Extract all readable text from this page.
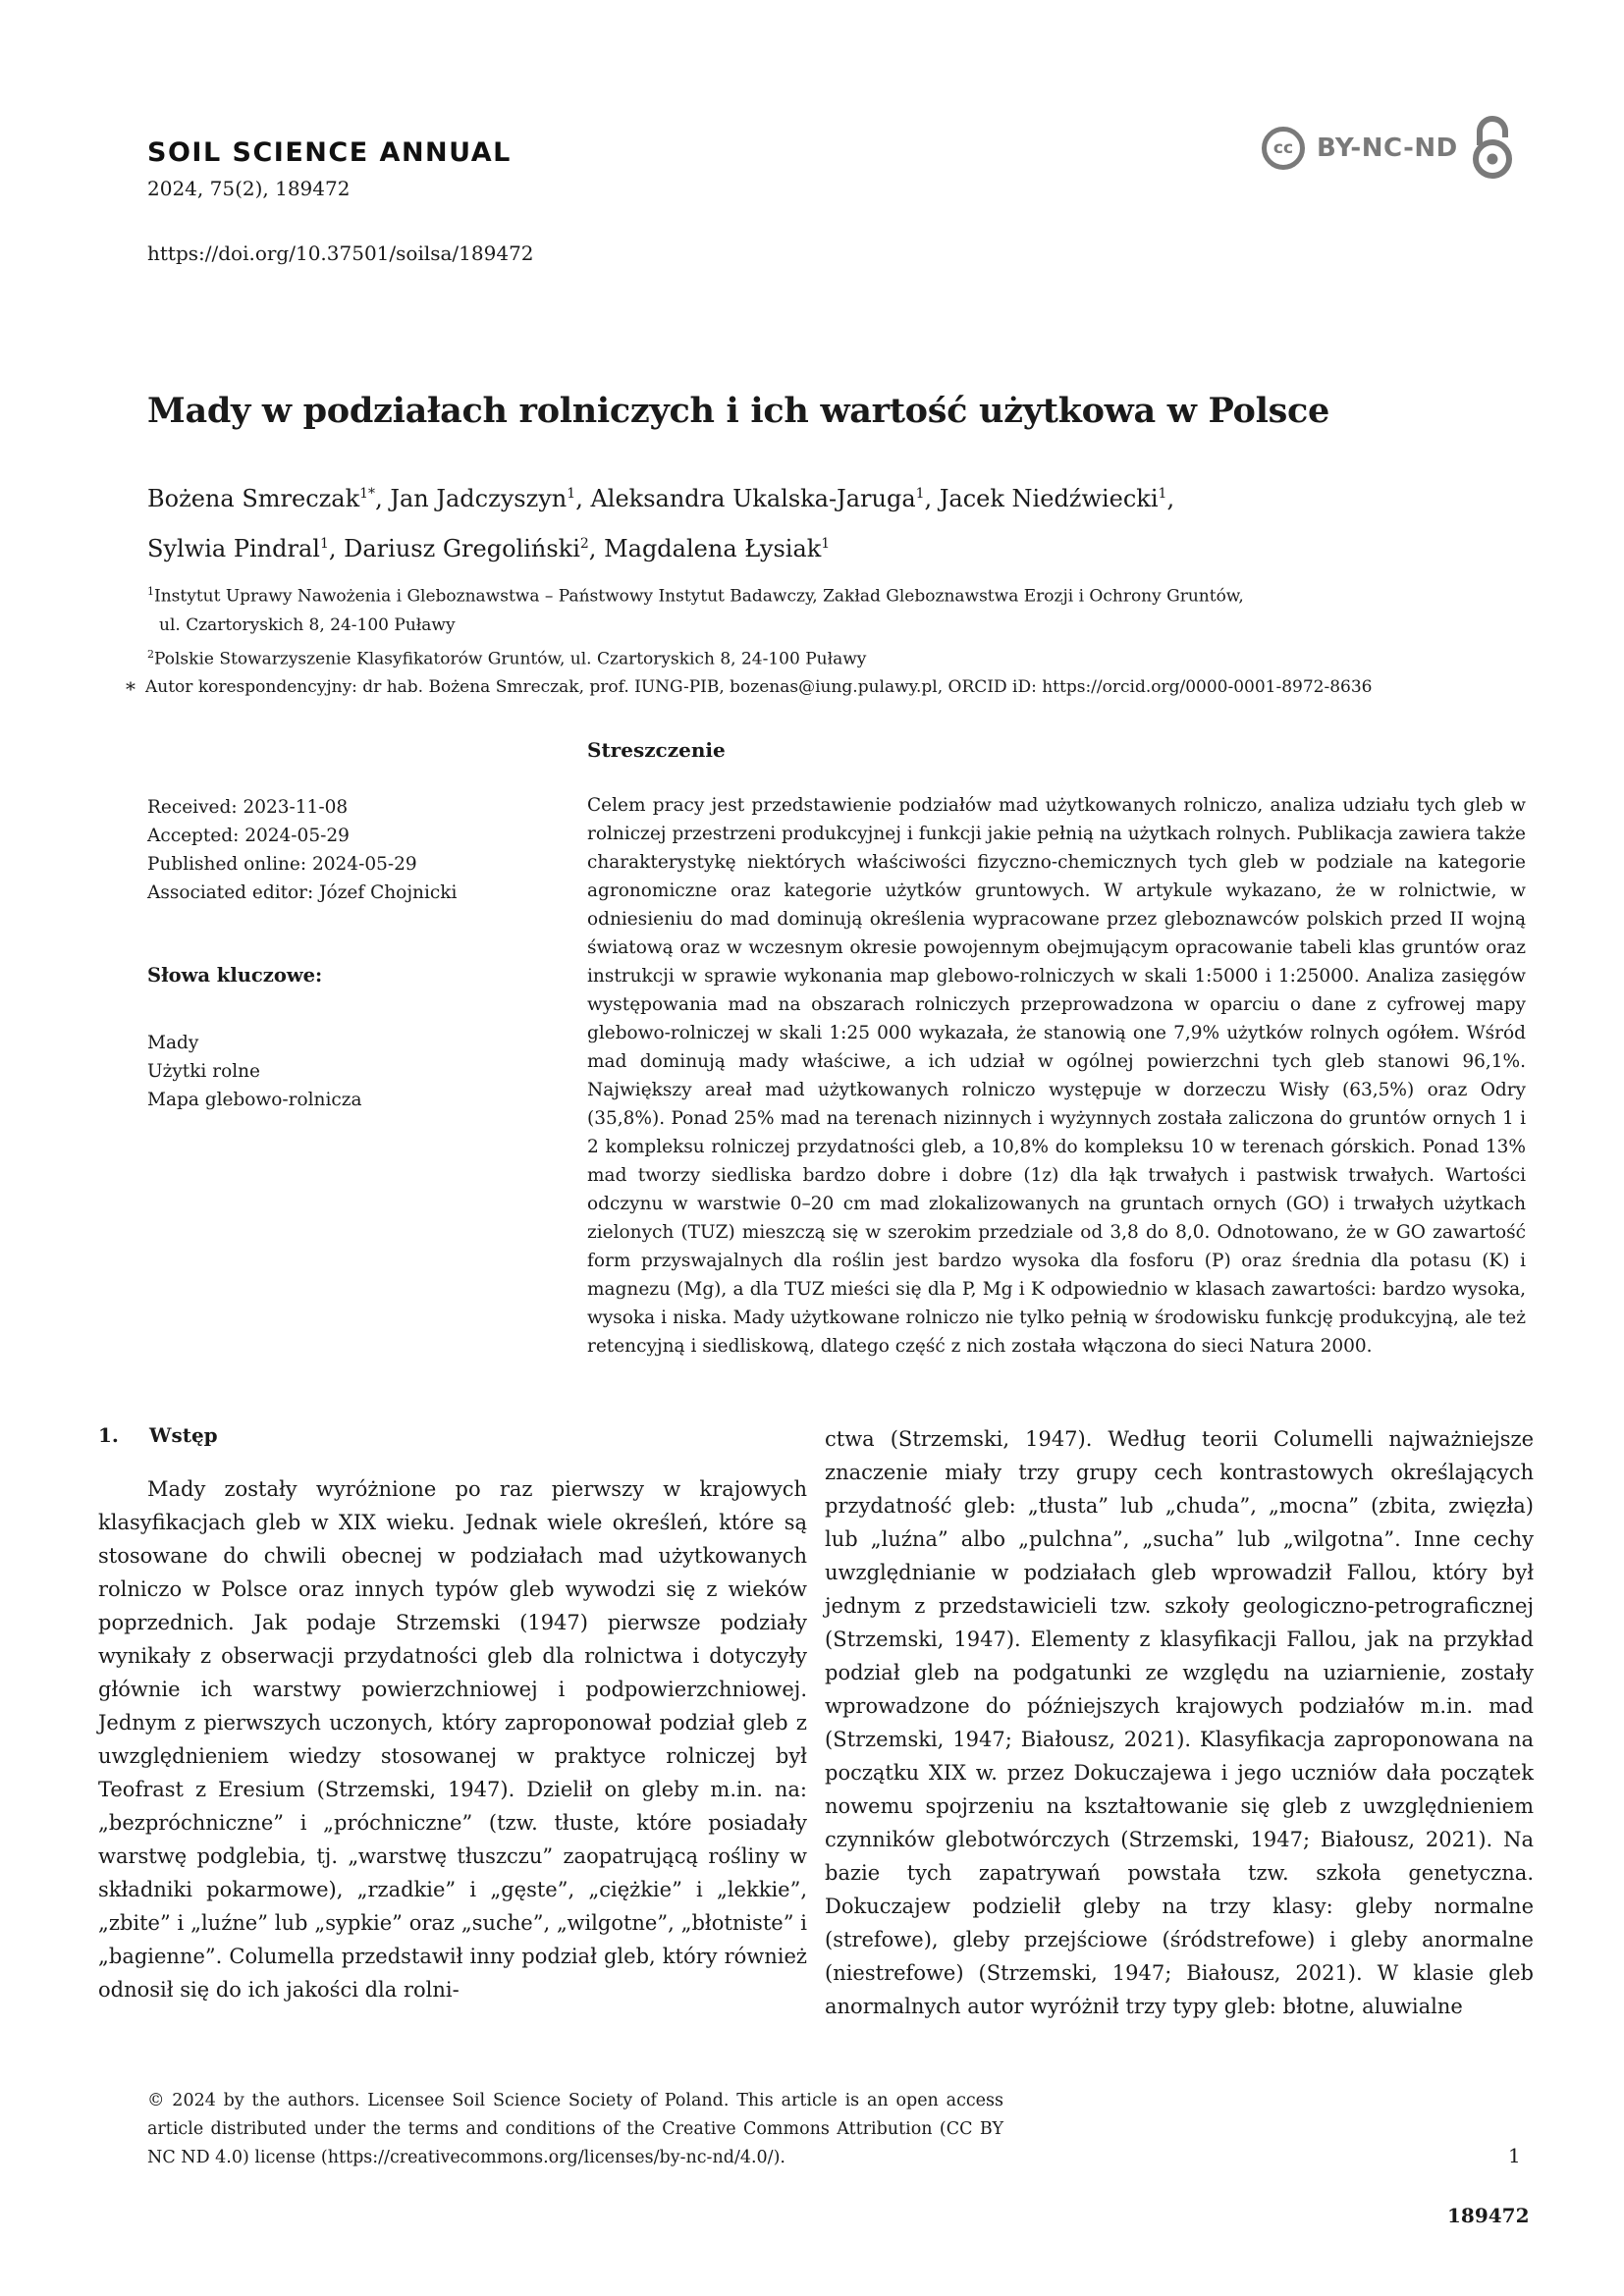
SOIL SCIENCE ANNUAL
2024, 75(2), 189472
https://doi.org/10.37501/soilsa/189472
cc BY-NC-ND
Mady w podziałach rolniczych i ich wartość użytkowa w Polsce
Bożena Smreczak$^{1*}$, Jan Jadczyszyn$^1$, Aleksandra Ukalska-Jaruga$^1$, Jacek Niedźwiecki$^1$,
Sylwia Pindral$^1$, Dariusz Gregoliński$^2$, Magdalena Łysiak$^1$
$^1$Instytut Uprawy Nawożenia i Gleboznawstwa – Państwowy Instytut Badawczy, Zakład Gleboznawstwa Erozji i Ochrony Gruntów,
ul. Czartoryskich 8, 24-100 Puławy
$^2$Polskie Stowarzyszenie Klasyfikatorów Gruntów, ul. Czartoryskich 8, 24-100 Puławy
* Autor korespondencyjny: dr hab. Bożena Smreczak, prof. IUNG-PIB, bozenas@iung.pulawy.pl, ORCID iD: https://orcid.org/0000-0001-8972-8636
Received: 2023-11-08
Accepted: 2024-05-29
Published online: 2024-05-29
Associated editor: Józef Chojnicki
Słowa kluczowe:
Mady
Użytki rolne
Mapa glebowo-rolnicza
Streszczenie

Celem pracy jest przedstawienie podziałów mad użytkowanych rolniczo, analiza udziału tych gleb w rolniczej przestrzeni produkcyjnej i funkcji jakie pełnią na użytkach rolnych. Publikacja zawiera także charakterystykę niektórych właściwości fizyczno-chemicznych tych gleb w podziale na kategorie agronomiczne oraz kategorie użytków gruntowych. W artykule wykazano, że w rolnictwie, w odniesieniu do mad dominują określenia wypracowane przez gleboznawców polskich przed II wojną światową oraz w wczesnym okresie powojennym obejmującym opracowanie tabeli klas gruntów oraz instrukcji w sprawie wykonania map glebowo-rolniczych w skali 1:5000 i 1:25000. Analiza zasięgów występowania mad na obszarach rolniczych przeprowadzona w oparciu o dane z cyfrowej mapy glebowo-rolniczej w skali 1:25 000 wykazała, że stanowią one 7,9% użytków rolnych ogółem. Wśród mad dominują mady właściwe, a ich udział w ogólnej powierzchni tych gleb stanowi 96,1%. Największy areał mad użytkowanych rolniczo występuje w dorzeczu Wisły (63,5%) oraz Odry (35,8%). Ponad 25% mad na terenach nizinnych i wyżynnych została zaliczona do gruntów ornych 1 i 2 kompleksu rolniczej przydatności gleb, a 10,8% do kompleksu 10 w terenach górskich. Ponad 13% mad tworzy siedliska bardzo dobre i dobre (1z) dla łąk trwałych i pastwisk trwałych. Wartości odczynu w warstwie 0–20 cm mad zlokalizowanych na gruntach ornych (GO) i trwałych użytkach zielonych (TUZ) mieszczą się w szerokim przedziale od 3,8 do 8,0. Odnotowano, że w GO zawartość form przyswajalnych dla roślin jest bardzo wysoka dla fosforu (P) oraz średnia dla potasu (K) i magnezu (Mg), a dla TUZ mieści się dla P, Mg i K odpowiednio w klasach zawartości: bardzo wysoka, wysoka i niska. Mady użytkowane rolniczo nie tylko pełnią w środowisku funkcję produkcyjną, ale też retencyjną i siedliskową, dlatego część z nich została włączona do sieci Natura 2000.

1. Wstęp

Mady zostały wyróżnione po raz pierwszy w krajowych klasyfikacjach gleb w XIX wieku. Jednak wiele określeń, które są stosowane do chwili obecnej w podziałach mad użytkowanych rolniczo w Polsce oraz innych typów gleb wywodzi się z wieków poprzednich. Jak podaje Strzemski (1947) pierwsze podziały wynikały z obserwacji przydatności gleb dla rolnictwa i dotyczyły głównie ich warstwy powierzchniowej i podpowierzchniowej. Jednym z pierwszych uczonych, który zaproponował podział gleb z uwzględnieniem wiedzy stosowanej w praktyce rolniczej był Teofrast z Eresium (Strzemski, 1947). Dzielił on gleby m.in. na: „bezpróchniczne” i „próchniczne” (tzw. tłuste, które posiadały warstwę podglebia, tj. „warstwę tłuszczu” zaopatrującą rośliny w składniki pokarmowe), „rzadkie” i „gęste”, „ciężkie” i „lekkie”, „zbite” i „luźne” lub „sypkie” oraz „suche”, „wilgotne”, „błotniste” i „bagienne”. Columella przedstawił inny podział gleb, który również odnosił się do ich jakości dla rolni-

ctwa (Strzemski, 1947). Według teorii Columelli najważniejsze znaczenie miały trzy grupy cech kontrastowych określających przydatność gleb: „tłusta” lub „chuda”, „mocna” (zbita, zwięzła) lub „luźna” albo „pulchna”, „sucha” lub „wilgotna”. Inne cechy uwzględnianie w podziałach gleb wprowadził Fallou, który był jednym z przedstawicieli tzw. szkoły geologiczno-petrograficznej (Strzemski, 1947). Elementy z klasyfikacji Fallou, jak na przykład podział gleb na podgatunki ze względu na uziarnienie, zostały wprowadzone do późniejszych krajowych podziałów m.in. mad (Strzemski, 1947; Białousz, 2021). Klasyfikacja zaproponowana na początku XIX w. przez Dokuczajewa i jego uczniów dała początek nowemu spojrzeniu na kształtowanie się gleb z uwzględnieniem czynników glebotwórczych (Strzemski, 1947; Białousz, 2021). Na bazie tych zapatrywań powstała tzw. szkoła genetyczna. Dokuczajew podzielił gleby na trzy klasy: gleby normalne (strefowe), gleby przejściowe (śródstrefowe) i gleby anormalne (niestrefowe) (Strzemski, 1947; Białousz, 2021). W klasie gleb anormalnych autor wyróżnił trzy typy gleb: błotne, aluwialne

© 2024 by the authors. Licensee Soil Science Society of Poland. This article is an open access article distributed under the terms and conditions of the Creative Commons Attribution (CC BY NC ND 4.0) license (https://creativecommons.org/licenses/by-nc-nd/4.0/).	1
189472
